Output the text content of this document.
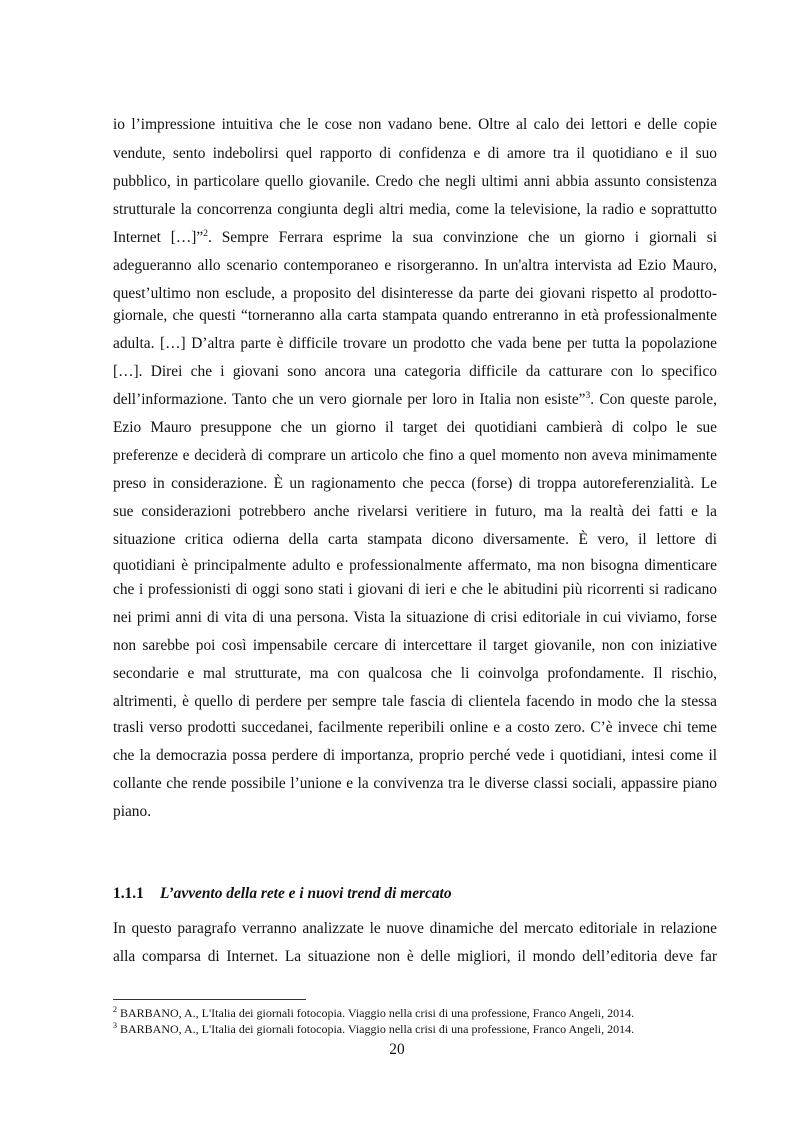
io l’impressione intuitiva che le cose non vadano bene. Oltre al calo dei lettori e delle copie
vendute, sento indebolirsi quel rapporto di confidenza e di amore tra il quotidiano e il suo
pubblico, in particolare quello giovanile. Credo che negli ultimi anni abbia assunto consistenza
strutturale la concorrenza congiunta degli altri media, come la televisione, la radio e soprattutto
Internet […]”$^2$. Sempre Ferrara esprime la sua convinzione che un giorno i giornali si
adegueranno allo scenario contemporaneo e risorgeranno. In un'altra intervista ad Ezio Mauro,
quest’ultimo non esclude, a proposito del disinteresse da parte dei giovani rispetto al prodotto-
giornale, che questi “torneranno alla carta stampata quando entreranno in età professionalmente
adulta. […] D’altra parte è difficile trovare un prodotto che vada bene per tutta la popolazione
[…]. Direi che i giovani sono ancora una categoria difficile da catturare con lo specifico
dell’informazione. Tanto che un vero giornale per loro in Italia non esiste”$^3$. Con queste parole,
Ezio Mauro presuppone che un giorno il target dei quotidiani cambierà di colpo le sue
preferenze e deciderà di comprare un articolo che fino a quel momento non aveva minimamente
preso in considerazione. È un ragionamento che pecca (forse) di troppa autoreferenzialità. Le
sue considerazioni potrebbero anche rivelarsi veritiere in futuro, ma la realtà dei fatti e la
situazione critica odierna della carta stampata dicono diversamente. È vero, il lettore di
quotidiani è principalmente adulto e professionalmente affermato, ma non bisogna dimenticare
che i professionisti di oggi sono stati i giovani di ieri e che le abitudini più ricorrenti si radicano
nei primi anni di vita di una persona. Vista la situazione di crisi editoriale in cui viviamo, forse
non sarebbe poi così impensabile cercare di intercettare il target giovanile, non con iniziative
secondarie e mal strutturate, ma con qualcosa che li coinvolga profondamente. Il rischio,
altrimenti, è quello di perdere per sempre tale fascia di clientela facendo in modo che la stessa
trasli verso prodotti succedanei, facilmente reperibili online e a costo zero. C’è invece chi teme
che la democrazia possa perdere di importanza, proprio perché vede i quotidiani, intesi come il
collante che rende possibile l’unione e la convivenza tra le diverse classi sociali, appassire piano
piano.
1.1.1 L’avvento della rete e i nuovi trend di mercato
In questo paragrafo verranno analizzate le nuove dinamiche del mercato editoriale in relazione
alla comparsa di Internet. La situazione non è delle migliori, il mondo dell’editoria deve far
$^2$ BARBANO, A., L'Italia dei giornali fotocopia. Viaggio nella crisi di una professione, Franco Angeli, 2014.
$^3$ BARBANO, A., L'Italia dei giornali fotocopia. Viaggio nella crisi di una professione, Franco Angeli, 2014.
20
